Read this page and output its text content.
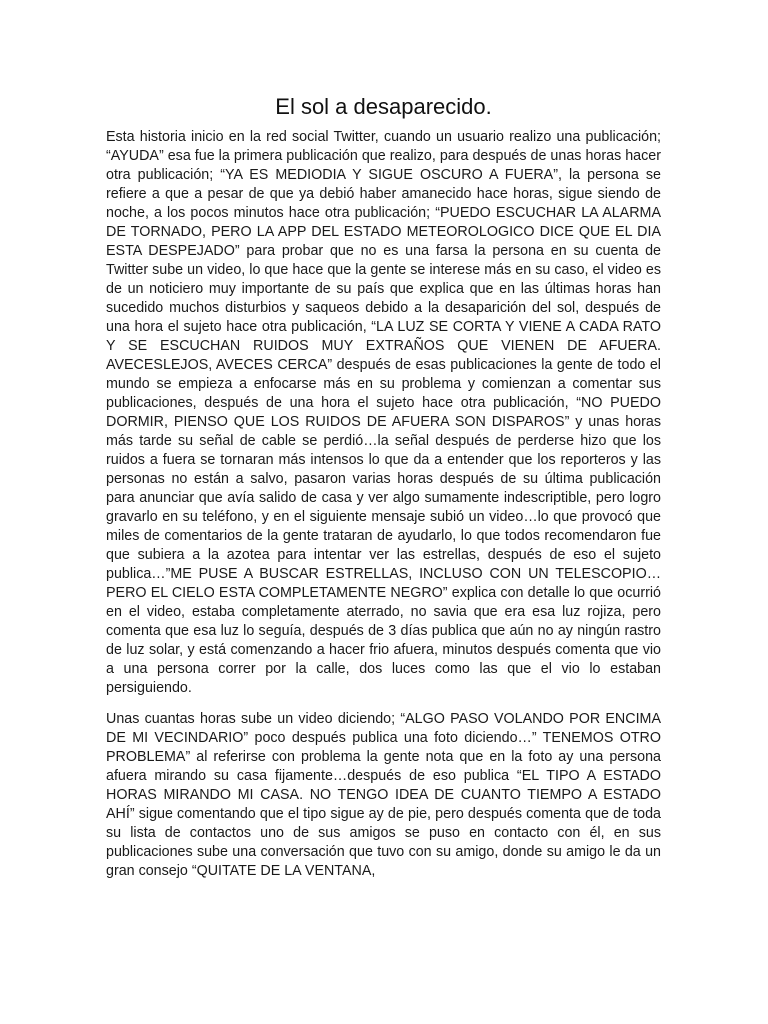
El sol a desaparecido.

Esta historia inicio en la red social Twitter, cuando un usuario realizo una publicación; “AYUDA” esa fue la primera publicación que realizo, para después de unas horas hacer otra publicación; “YA ES MEDIODIA Y SIGUE OSCURO A FUERA”, la persona se refiere a que a pesar de que ya debió haber amanecido hace horas, sigue siendo de noche, a los pocos minutos hace otra publicación; “PUEDO ESCUCHAR LA ALARMA DE TORNADO, PERO LA APP DEL ESTADO METEOROLOGICO DICE QUE EL DIA ESTA DESPEJADO” para probar que no es una farsa la persona en su cuenta de Twitter sube un video, lo que hace que la gente se interese más en su caso, el video es de un noticiero muy importante de su país que explica que en las últimas horas han sucedido muchos disturbios y saqueos debido a la desaparición del sol, después de una hora el sujeto hace otra publicación, “LA LUZ SE CORTA Y VIENE A CADA RATO Y SE ESCUCHAN RUIDOS MUY EXTRAÑOS QUE VIENEN DE AFUERA. AVECESLEJOS, AVECES CERCA” después de esas publicaciones la gente de todo el mundo se empieza a enfocarse más en su problema y comienzan a comentar sus publicaciones, después de una hora el sujeto hace otra publicación, “NO PUEDO DORMIR, PIENSO QUE LOS RUIDOS DE AFUERA SON DISPAROS” y unas horas más tarde su señal de cable se perdió…la señal después de perderse hizo que los ruidos a fuera se tornaran más intensos lo que da a entender que los reporteros y las personas no están a salvo, pasaron varias horas después de su última publicación para anunciar que avía salido de casa y ver algo sumamente indescriptible, pero logro gravarlo en su teléfono, y en el siguiente mensaje subió un video…lo que provocó que miles de comentarios de la gente trataran de ayudarlo, lo que todos recomendaron fue que subiera a la azotea para intentar ver las estrellas, después de eso el sujeto publica…”ME PUSE A BUSCAR ESTRELLAS, INCLUSO CON UN TELESCOPIO…PERO EL CIELO ESTA COMPLETAMENTE NEGRO” explica con detalle lo que ocurrió en el video, estaba completamente aterrado, no savia que era esa luz rojiza, pero comenta que esa luz lo seguía, después de 3 días publica que aún no ay ningún rastro de luz solar, y está comenzando a hacer frio afuera, minutos después comenta que vio a una persona correr por la calle, dos luces como las que el vio lo estaban persiguiendo.

Unas cuantas horas sube un video diciendo; “ALGO PASO VOLANDO POR ENCIMA DE MI VECINDARIO” poco después publica una foto diciendo…” TENEMOS OTRO PROBLEMA” al referirse con problema la gente nota que en la foto ay una persona afuera mirando su casa fijamente…después de eso publica “EL TIPO A ESTADO HORAS MIRANDO MI CASA. NO TENGO IDEA DE CUANTO TIEMPO A ESTADO AHÍ” sigue comentando que el tipo sigue ay de pie, pero después comenta que de toda su lista de contactos uno de sus amigos se puso en contacto con él, en sus publicaciones sube una conversación que tuvo con su amigo, donde su amigo le da un gran consejo “QUITATE DE LA VENTANA,
